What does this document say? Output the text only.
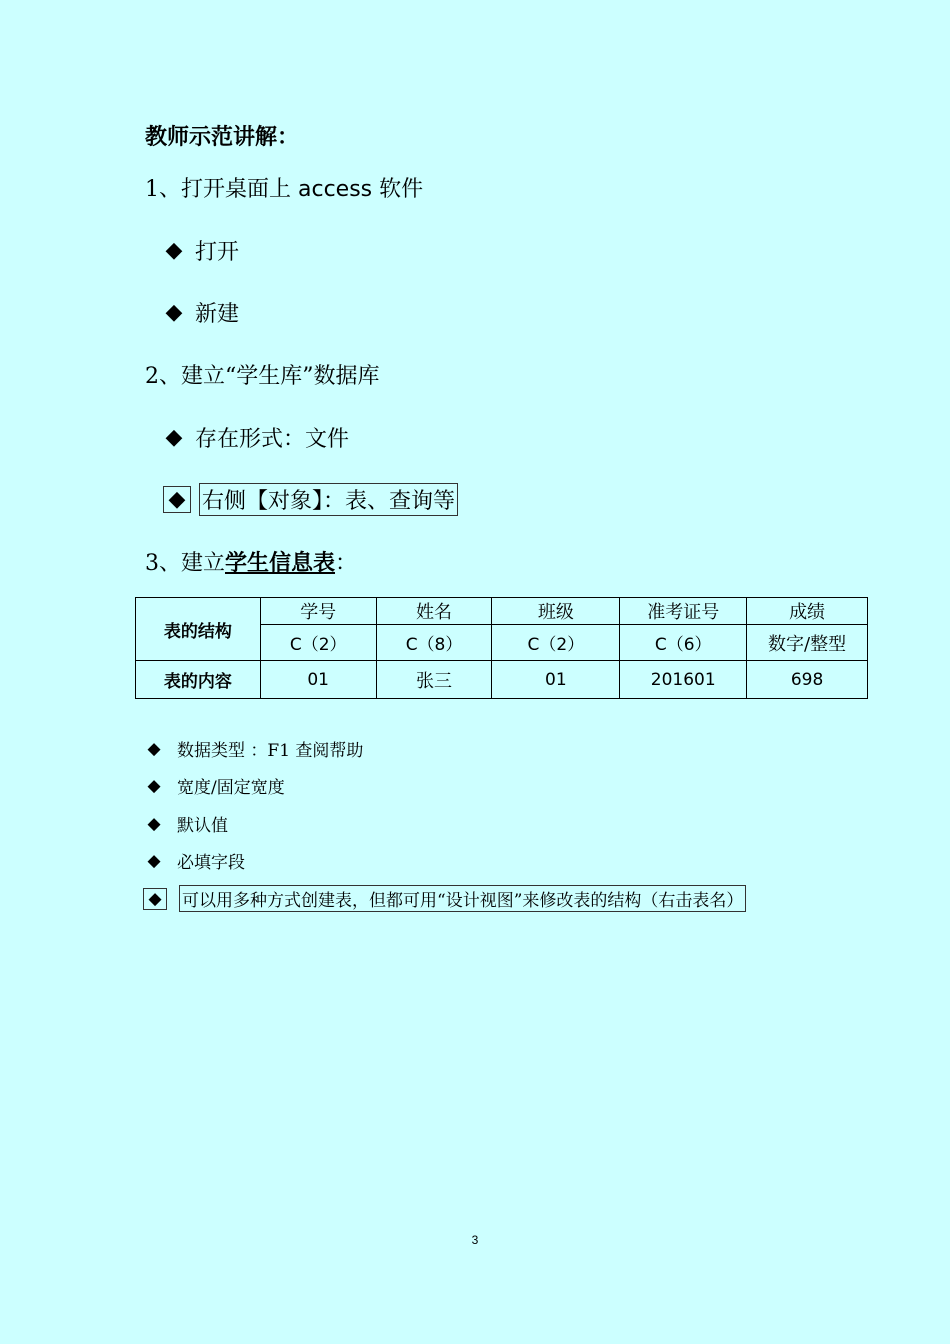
教师示范讲解：
1、打开桌面上 access 软件
◆ 打开
◆ 新建
2、建立“学生库”数据库
◆ 存在形式：文件
◆ 右侧【对象】：表、查询等
3、建立学生信息表：
表的结构	学号	姓名	班级	准考证号	成绩
	C（2）	C（8）	C（2）	C（6）	数字/整型
表的内容	01	张三	01	201601	698
◆ 数据类型 ：F1 查阅帮助
◆ 宽度/固定宽度
◆ 默认值
◆ 必填字段
◆	可以用多种方式创建表，但都可用“设计视图”来修改表的结构（右击表名）
3
